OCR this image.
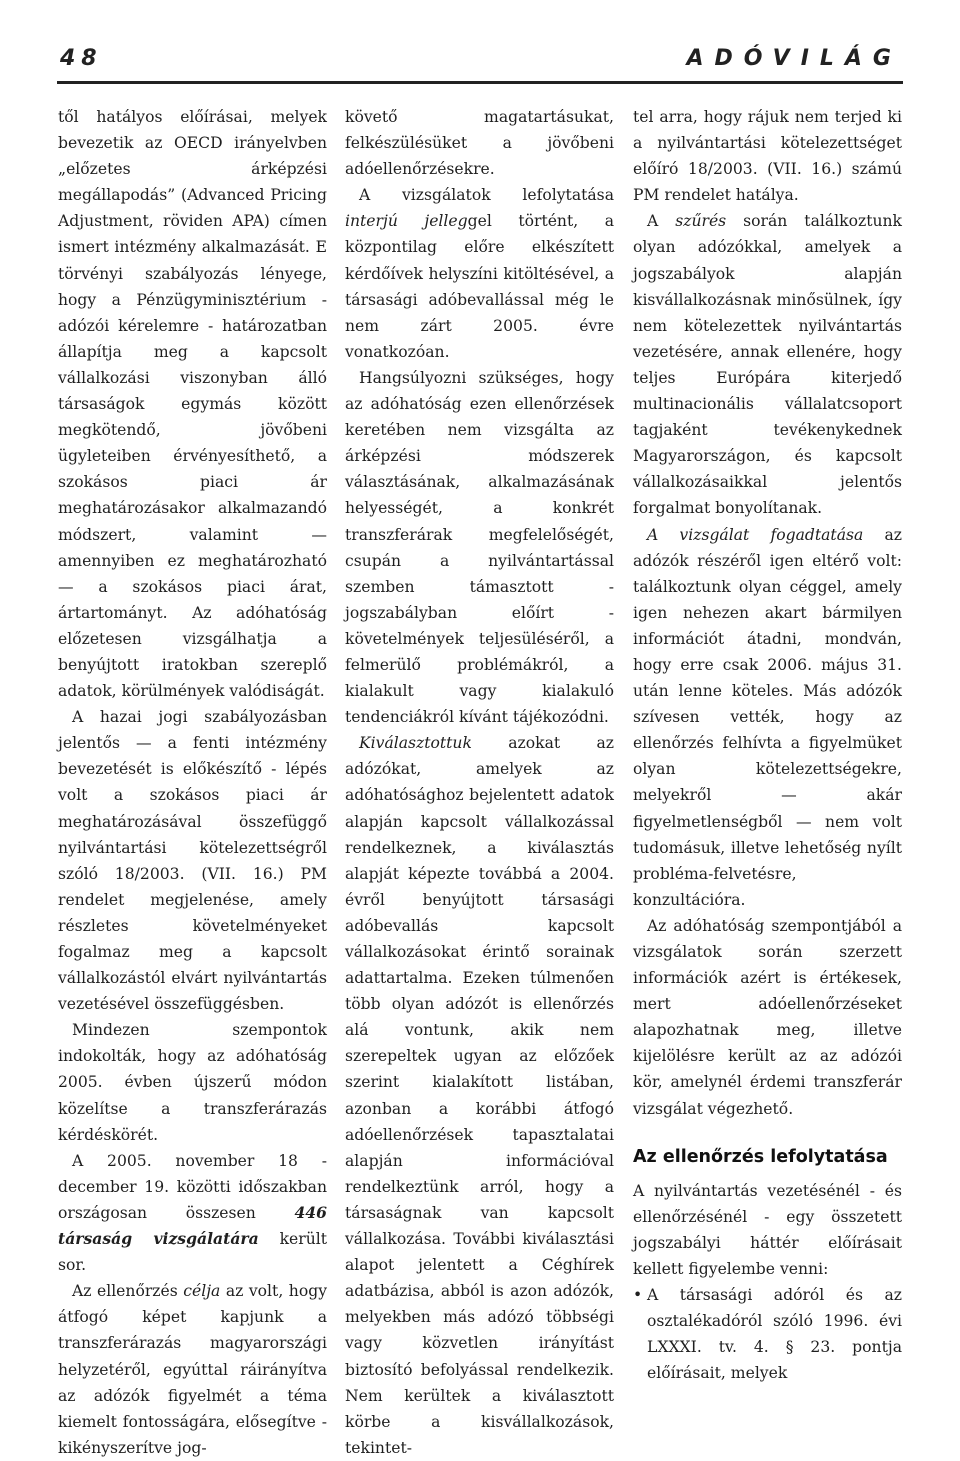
48	ADÓVILÁG

től hatályos előírásai, melyek bevezetik az OECD irányelvben „előzetes árképzési megállapodás” (Advanced Pricing Adjustment, röviden APA) címen ismert intézmény alkalmazását. E törvényi szabályozás lényege, hogy a Pénzügyminisztérium - adózói kérelemre - határozatban állapítja meg a kapcsolt vállalkozási viszonyban álló társaságok egymás között megkötendő, jövőbeni ügyleteiben érvényesíthető, a szokásos piaci ár meghatározásakor alkalmazandó módszert, valamint — amennyiben ez meghatározható — a szokásos piaci árat, ártartományt. Az adóhatóság előzetesen vizsgálhatja a benyújtott iratokban szereplő adatok, körülmények valódiságát.

A hazai jogi szabályozásban jelentős — a fenti intézmény bevezetését is előkészítő - lépés volt a szokásos piaci ár meghatározásával összefüggő nyilvántartási kötelezettségről szóló 18/2003. (VII. 16.) PM rendelet megjelenése, amely részletes követelményeket fogalmaz meg a kapcsolt vállalkozástól elvárt nyilvántartás vezetésével összefüggésben.

Mindezen szempontok indokolták, hogy az adóhatóság 2005. évben újszerű módon közelítse a transzferárazás kérdéskörét.

A 2005. november 18 - december 19. közötti időszakban országosan összesen 446 társaság vizsgálatára került sor.

Az ellenőrzés célja az volt, hogy átfogó képet kapjunk a transzferárazás magyarországi helyzetéről, egyúttal ráirányítva az adózók figyelmét a téma kiemelt fontosságára, elősegítve - kikényszerítve jog-

követő magatartásukat, felkészülésüket a jövőbeni adóellenőrzésekre.

A vizsgálatok lefolytatása interjú jelleggel történt, a központilag előre elkészített kérdőívek helyszíni kitöltésével, a társasági adóbevallással még le nem zárt 2005. évre vonatkozóan.

Hangsúlyozni szükséges, hogy az adóhatóság ezen ellenőrzések keretében nem vizsgálta az árképzési módszerek választásának, alkalmazásának helyességét, a konkrét transzferárak megfelelőségét, csupán a nyilvántartással szemben támasztott - jogszabályban előírt - követelmények teljesüléséről, a felmerülő problémákról, a kialakult vagy kialakuló tendenciákról kívánt tájékozódni.

Kiválasztottuk azokat az adózókat, amelyek az adóhatósághoz bejelentett adatok alapján kapcsolt vállalkozással rendelkeznek, a kiválasztás alapját képezte továbbá a 2004. évről benyújtott társasági adóbevallás kapcsolt vállalkozásokat érintő sorainak adattartalma. Ezeken túlmenően több olyan adózót is ellenőrzés alá vontunk, akik nem szerepeltek ugyan az előzőek szerint kialakított listában, azonban a korábbi átfogó adóellenőrzések tapasztalatai alapján információval rendelkeztünk arról, hogy a társaságnak van kapcsolt vállalkozása. További kiválasztási alapot jelentett a Céghírek adatbázisa, abból is azon adózók, melyekben más adózó többségi vagy közvetlen irányítást biztosító befolyással rendelkezik. Nem kerültek a kiválasztott körbe a kisvállalkozások, tekintet-

tel arra, hogy rájuk nem terjed ki a nyilvántartási kötelezettséget előíró 18/2003. (VII. 16.) számú PM rendelet hatálya.

A szűrés során találkoztunk olyan adózókkal, amelyek a jogszabályok alapján kisvállalkozásnak minősülnek, így nem kötelezettek nyilvántartás vezetésére, annak ellenére, hogy teljes Európára kiterjedő multinacionális vállalatcsoport tagjaként tevékenykednek Magyarországon, és kapcsolt vállalkozásaikkal jelentős forgalmat bonyolítanak.

A vizsgálat fogadtatása az adózók részéről igen eltérő volt: találkoztunk olyan céggel, amely igen nehezen akart bármilyen információt átadni, mondván, hogy erre csak 2006. május 31. után lenne köteles. Más adózók szívesen vették, hogy az ellenőrzés felhívta a figyelmüket olyan kötelezettségekre, melyekről — akár figyelmetlenségből — nem volt tudomásuk, illetve lehetőség nyílt probléma-felvetésre, konzultációra.

Az adóhatóság szempontjából a vizsgálatok során szerzett információk azért is értékesek, mert adóellenőrzéseket alapozhatnak meg, illetve kijelölésre került az az adózói kör, amelynél érdemi transzferár vizsgálat végezhető.

Az ellenőrzés lefolytatása

A nyilvántartás vezetésénél - és ellenőrzésénél - egy összetett jogszabályi háttér előírásait kellett figyelembe venni:

• A társasági adóról és az osztalékadóról szóló 1996. évi LXXXI. tv. 4. § 23. pontja előírásait, melyek
